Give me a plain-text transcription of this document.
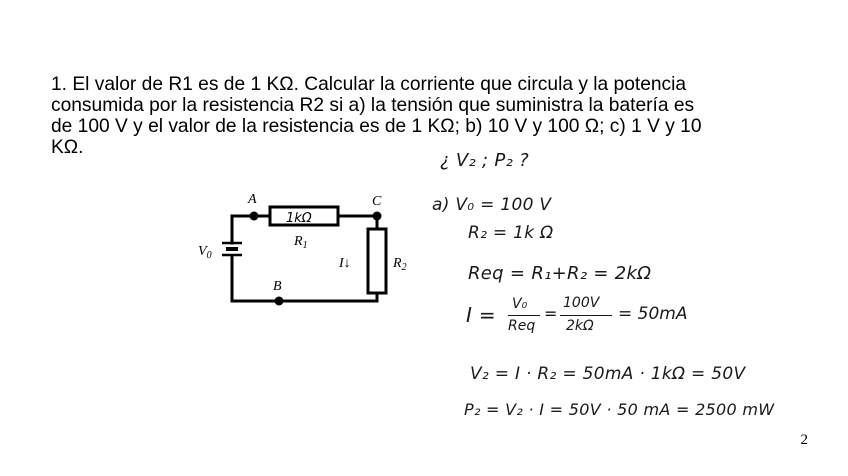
1. El valor de R1 es de 1 KΩ. Calcular la corriente que circula y la potencia
consumida por la resistencia R2 si a) la tensión que suministra la batería es
de 100 V y el valor de la resistencia es de 1 KΩ; b) 10 V y 100 Ω; c) 1 V y 10
KΩ.
A	C
B
$V_0$
1kΩ
$R_1$
$R_2$
I↓

¿ V₂ ; P₂ ?

a) V₀ = 100 V

R₂ = 1k Ω

Req = R₁+R₂ = 2kΩ

I = V₀
Req
=
100V
2kΩ
= 50mA

V₂ = I · R₂ = 50mA · 1kΩ = 50V

P₂ = V₂ · I = 50V · 50 mA = 2500 mW

2
